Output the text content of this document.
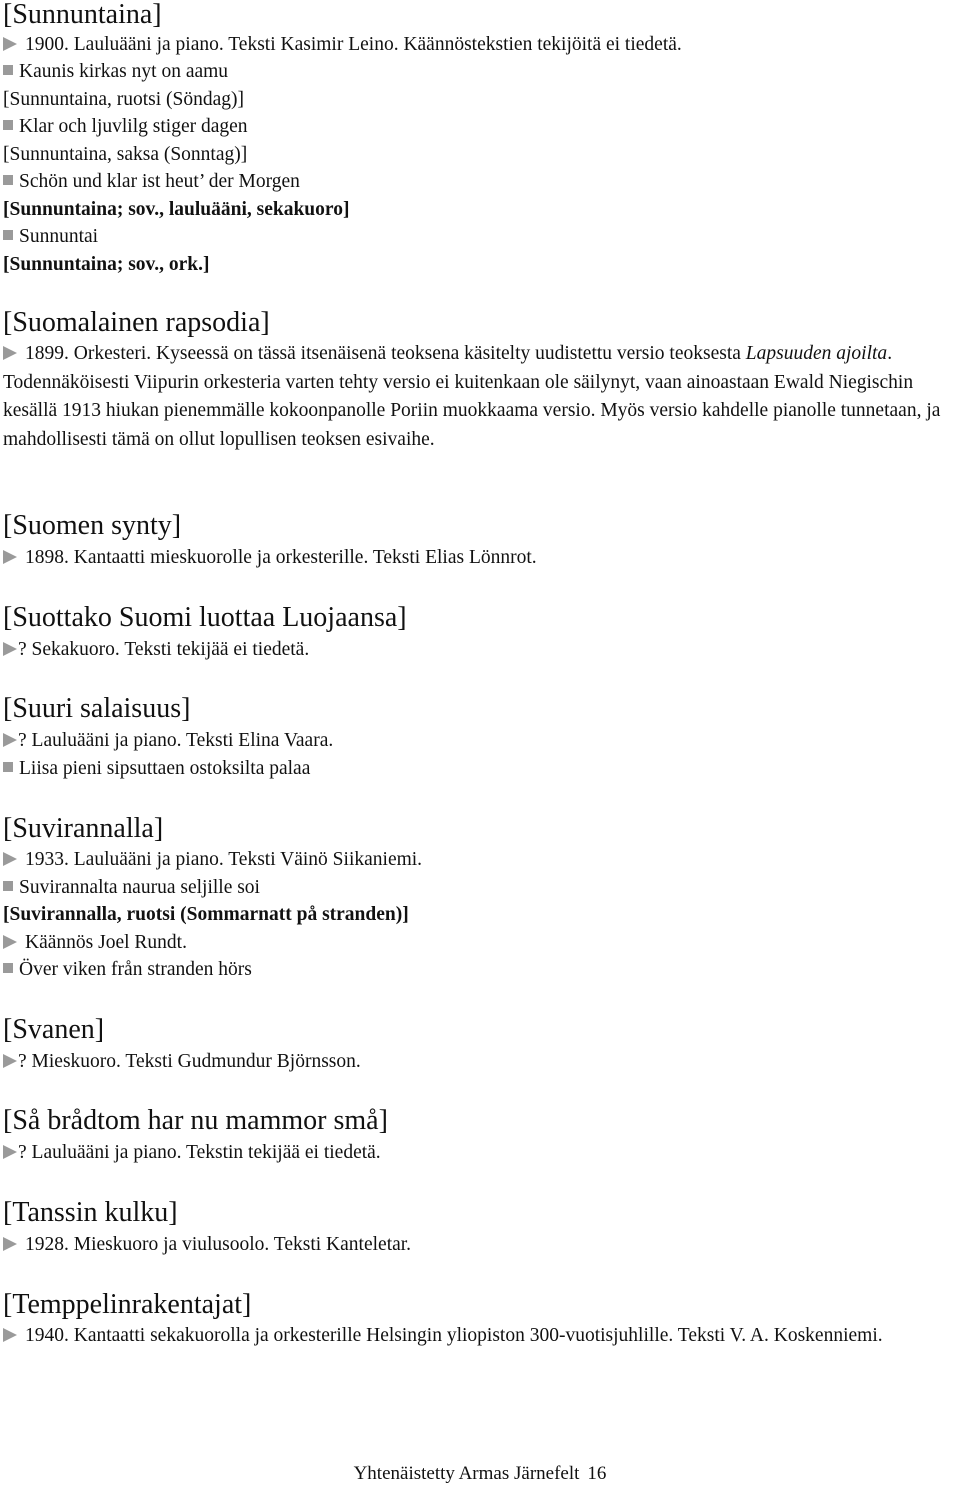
[Sunnuntaina]
1900. Lauluääni ja piano. Teksti Kasimir Leino. Käännöstekstien tekijöitä ei tiedetä.
Kaunis kirkas nyt on aamu
[Sunnuntaina, ruotsi (Söndag)]
Klar och ljuvlilg stiger dagen
[Sunnuntaina, saksa (Sonntag)]
Schön und klar ist heut’ der Morgen
[Sunnuntaina; sov., lauluääni, sekakuoro]
Sunnuntai
[Sunnuntaina; sov., ork.]
[Suomalainen rapsodia]
1899. Orkesteri. Kyseessä on tässä itsenäisenä teoksena käsitelty uudistettu versio teoksesta Lapsuuden ajoilta. Todennäköisesti Viipurin orkesteria varten tehty versio ei kuitenkaan ole säilynyt, vaan ainoastaan Ewald Niegischin kesällä 1913 hiukan pienemmälle kokoonpanolle Poriin muokkaama versio. Myös versio kahdelle pianolle tunnetaan, ja mahdollisesti tämä on ollut lopullisen teoksen esivaihe.
[Suomen synty]
1898. Kantaatti mieskuorolle ja orkesterille. Teksti Elias Lönnrot.
[Suottako Suomi luottaa Luojaansa]
? Sekakuoro. Teksti tekijää ei tiedetä.
[Suuri salaisuus]
? Lauluääni ja piano. Teksti Elina Vaara.
Liisa pieni sipsuttaen ostoksilta palaa
[Suvirannalla]
1933. Lauluääni ja piano. Teksti Väinö Siikaniemi.
Suvirannalta naurua seljille soi
[Suvirannalla, ruotsi (Sommarnatt på stranden)]
Käännös Joel Rundt.
Över viken från stranden hörs
[Svanen]
? Mieskuoro. Teksti Gudmundur Björnsson.
[Så brådtom har nu mammor små]
? Lauluääni ja piano. Tekstin tekijää ei tiedetä.
[Tanssin kulku]
1928. Mieskuoro ja viulusoolo. Teksti Kanteletar.
[Temppelinrakentajat]
1940. Kantaatti sekakuorolla ja orkesterille Helsingin yliopiston 300-vuotisjuhlille. Teksti V. A. Koskenniemi.
Yhtenäistetty Armas Järnefelt 16
